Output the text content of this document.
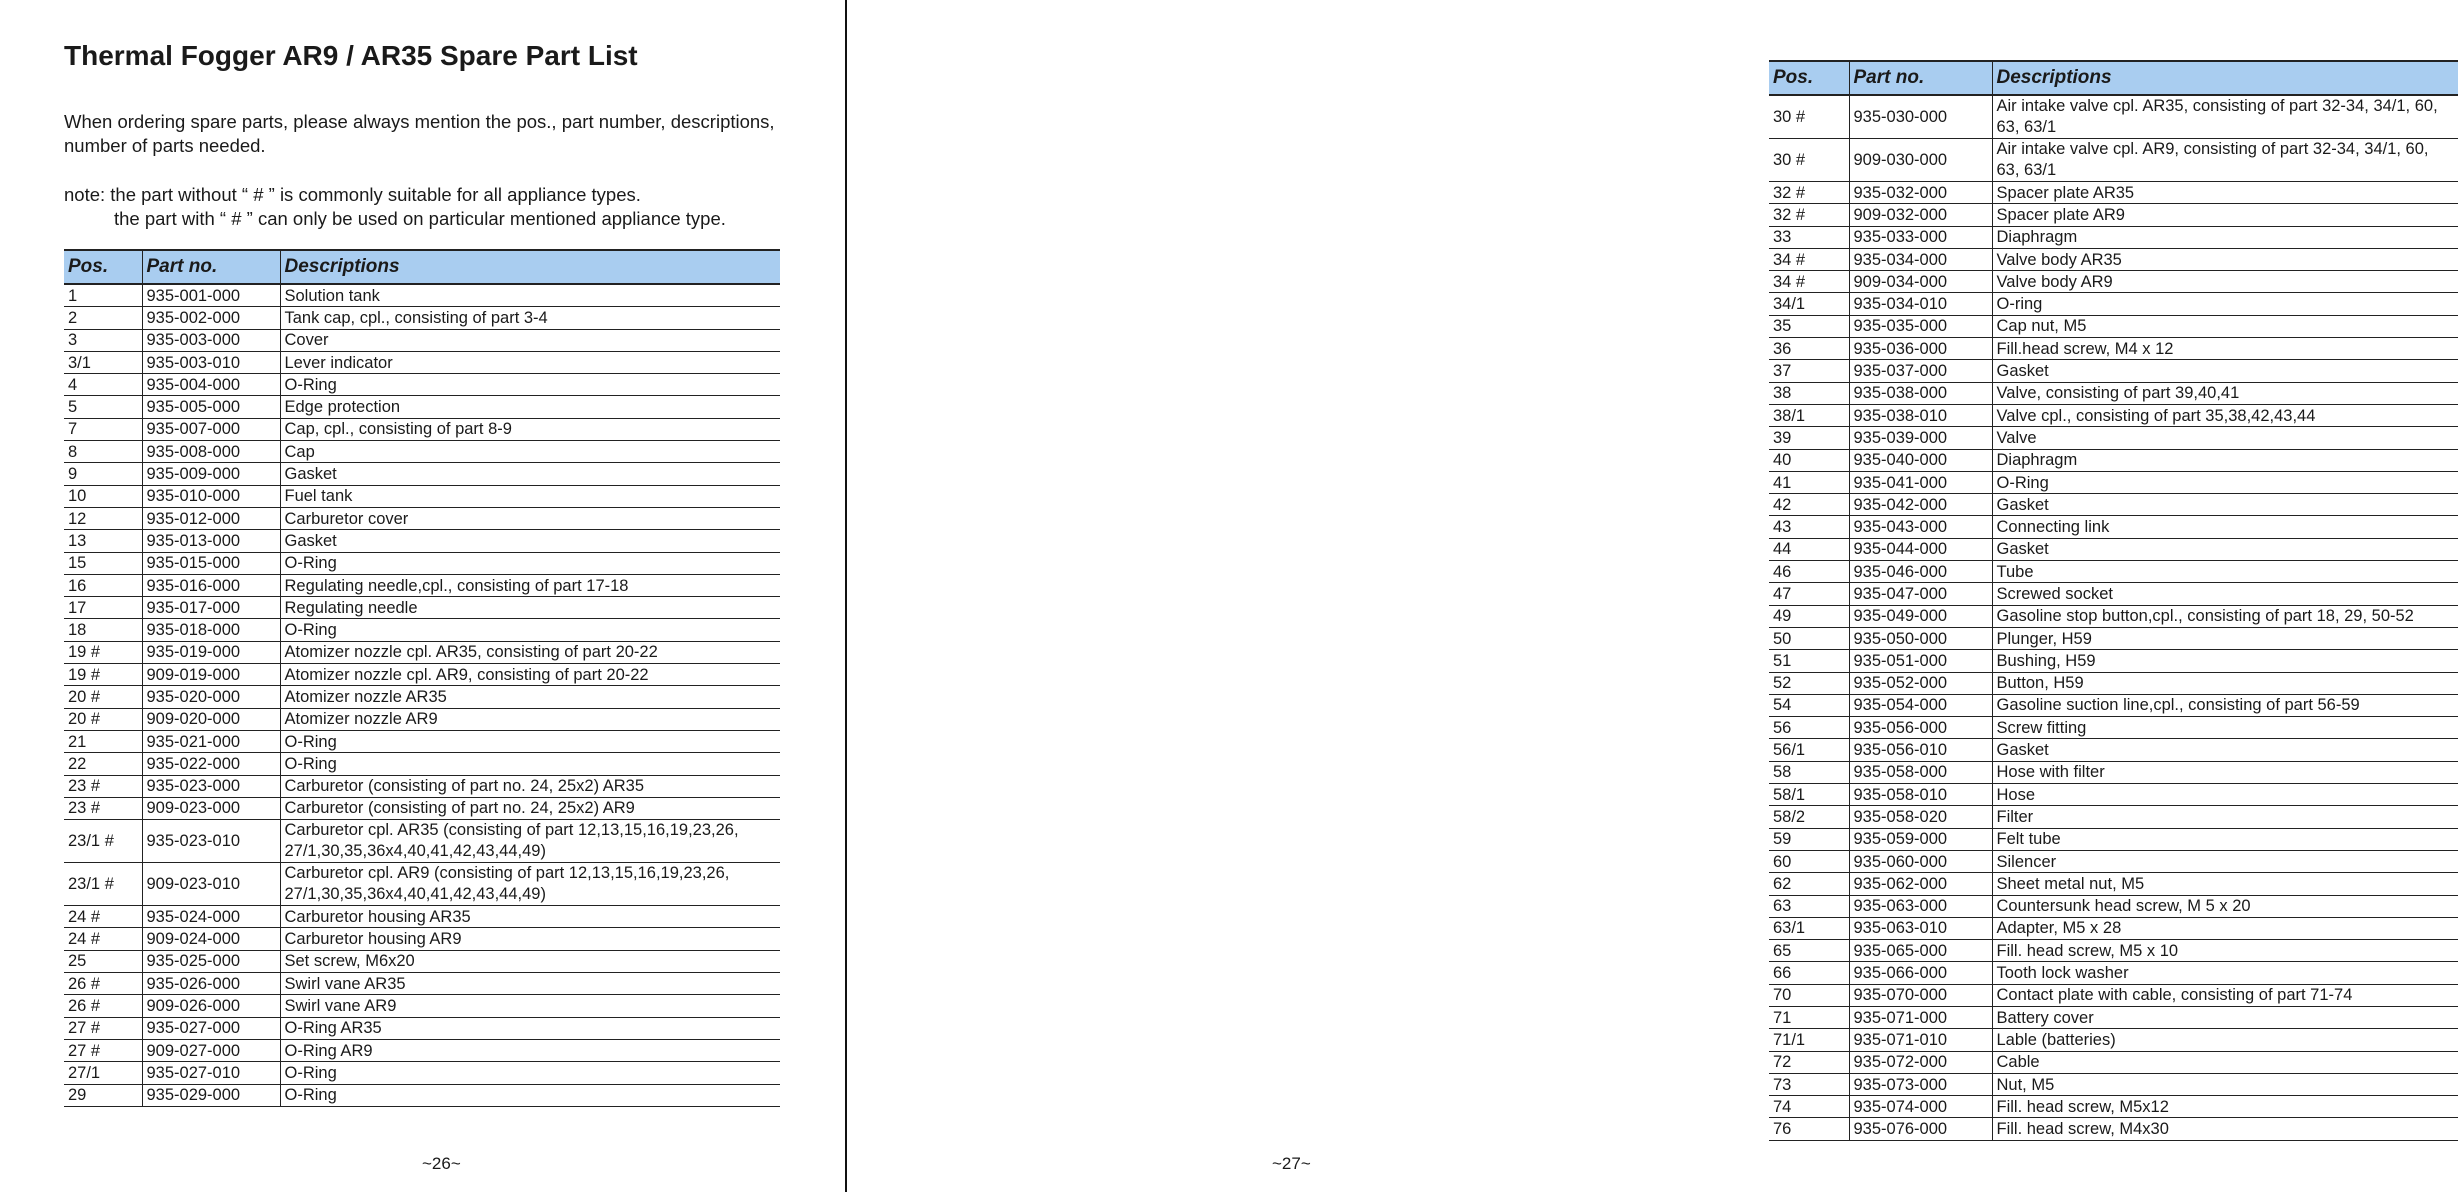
Thermal Fogger AR9 / AR35 Spare Part List

When ordering spare parts, please always mention the pos., part number, descriptions, number of parts needed.

note: the part without “ # ” is commonly suitable for all appliance types.
the part with “ # ” can only be used on particular mentioned appliance type.
Pos.	Part no.	Descriptions
1	935-001-000	Solution tank
2	935-002-000	Tank cap, cpl., consisting of part 3-4
3	935-003-000	Cover
3/1	935-003-010	Lever indicator
4	935-004-000	O-Ring
5	935-005-000	Edge protection
7	935-007-000	Cap, cpl., consisting of part 8-9
8	935-008-000	Cap
9	935-009-000	Gasket
10	935-010-000	Fuel tank
12	935-012-000	Carburetor cover
13	935-013-000	Gasket
15	935-015-000	O-Ring
16	935-016-000	Regulating needle,cpl., consisting of part 17-18
17	935-017-000	Regulating needle
18	935-018-000	O-Ring
19 #	935-019-000	Atomizer nozzle cpl. AR35, consisting of part 20-22
19 #	909-019-000	Atomizer nozzle cpl. AR9, consisting of part 20-22
20 #	935-020-000	Atomizer nozzle AR35
20 #	909-020-000	Atomizer nozzle AR9
21	935-021-000	O-Ring
22	935-022-000	O-Ring
23 #	935-023-000	Carburetor (consisting of part no. 24, 25x2) AR35
23 #	909-023-000	Carburetor (consisting of part no. 24, 25x2) AR9
23/1 #	935-023-010	Carburetor cpl. AR35 (consisting of part 12,13,15,16,19,23,26, 27/1,30,35,36x4,40,41,42,43,44,49)
23/1 #	909-023-010	Carburetor cpl. AR9 (consisting of part 12,13,15,16,19,23,26, 27/1,30,35,36x4,40,41,42,43,44,49)
24 #	935-024-000	Carburetor housing AR35
24 #	909-024-000	Carburetor housing AR9
25	935-025-000	Set screw, M6x20
26 #	935-026-000	Swirl vane AR35
26 #	909-026-000	Swirl vane AR9
27 #	935-027-000	O-Ring AR35
27 #	909-027-000	O-Ring AR9
27/1	935-027-010	O-Ring
29	935-029-000	O-Ring
~26~
Pos.	Part no.	Descriptions
30 #	935-030-000	Air intake valve cpl. AR35, consisting of part 32-34, 34/1, 60, 63, 63/1
30 #	909-030-000	Air intake valve cpl. AR9, consisting of part 32-34, 34/1, 60, 63, 63/1
32 #	935-032-000	Spacer plate AR35
32 #	909-032-000	Spacer plate AR9
33	935-033-000	Diaphragm
34 #	935-034-000	Valve body AR35
34 #	909-034-000	Valve body AR9
34/1	935-034-010	O-ring
35	935-035-000	Cap nut, M5
36	935-036-000	Fill.head screw, M4 x 12
37	935-037-000	Gasket
38	935-038-000	Valve, consisting of part 39,40,41
38/1	935-038-010	Valve cpl., consisting of part 35,38,42,43,44
39	935-039-000	Valve
40	935-040-000	Diaphragm
41	935-041-000	O-Ring
42	935-042-000	Gasket
43	935-043-000	Connecting link
44	935-044-000	Gasket
46	935-046-000	Tube
47	935-047-000	Screwed socket
49	935-049-000	Gasoline stop button,cpl., consisting of part 18, 29, 50-52
50	935-050-000	Plunger, H59
51	935-051-000	Bushing, H59
52	935-052-000	Button, H59
54	935-054-000	Gasoline suction line,cpl., consisting of part 56-59
56	935-056-000	Screw fitting
56/1	935-056-010	Gasket
58	935-058-000	Hose with filter
58/1	935-058-010	Hose
58/2	935-058-020	Filter
59	935-059-000	Felt tube
60	935-060-000	Silencer
62	935-062-000	Sheet metal nut, M5
63	935-063-000	Countersunk head screw, M 5 x 20
63/1	935-063-010	Adapter, M5 x 28
65	935-065-000	Fill. head screw, M5 x 10
66	935-066-000	Tooth lock washer
70	935-070-000	Contact plate with cable, consisting of part 71-74
71	935-071-000	Battery cover
71/1	935-071-010	Lable (batteries)
72	935-072-000	Cable
73	935-073-000	Nut, M5
74	935-074-000	Fill. head screw, M5x12
76	935-076-000	Fill. head screw, M4x30
~27~
